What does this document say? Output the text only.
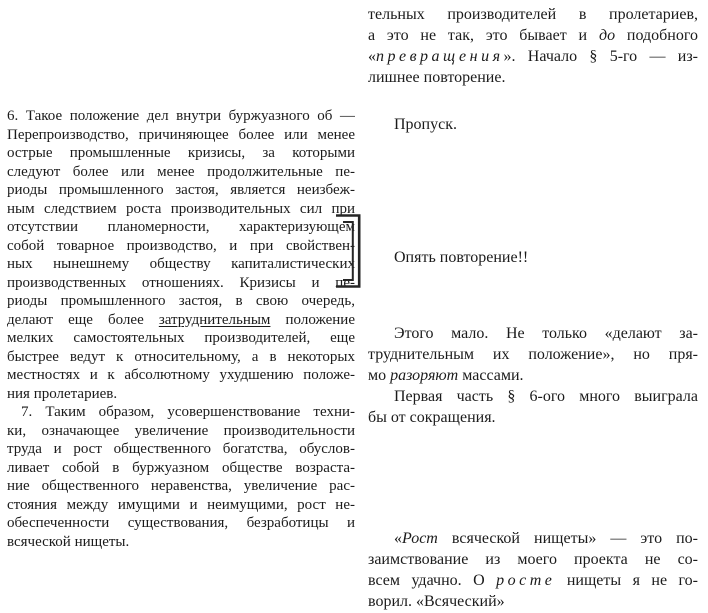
6. Такое положение дел внутри буржуазного об —
Перепроизводство, причиняющее более или менее
острые промышленные кризисы, за которыми
следуют более или менее продолжительные пе-
риоды промышленного застоя, является неизбеж-
ным следствием роста производительных сил при
отсутствии планомерности, характеризующем
собой товарное производство, и при свойствен-
ных нынешнему обществу капиталистических
производственных отношениях. Кризисы и пе-
риоды промышленного застоя, в свою очередь,
делают еще более затруднительным положение
мелких самостоятельных производителей, еще
быстрее ведут к относительному, а в некоторых
местностях и к абсолютному ухудшению положе-
ния пролетариев.
7. Таким образом, усовершенствование техни-
ки, означающее увеличение производительности
труда и рост общественного богатства, обуслов-
ливает собой в буржуазном обществе возраста-
ние общественного неравенства, увеличение рас-
стояния между имущими и неимущими, рост не-
обеспеченности существования, безработицы и
всяческой нищеты.
тельных производителей в пролетариев,
а это не так, это бывает и до подобного
«превращения». Начало § 5-го — из-
лишнее повторение.
Пропуск.
Опять повторение!!
Этого мало. Не только «делают за-
труднительным их положение», но пря-
мо разоряют массами.
Первая часть § 6-ого много выиграла
бы от сокращения.
«Рост всяческой нищеты» — это по-
заимствование из моего проекта не со-
всем удачно. О росте нищеты я не го-
ворил. «Всяческий»
